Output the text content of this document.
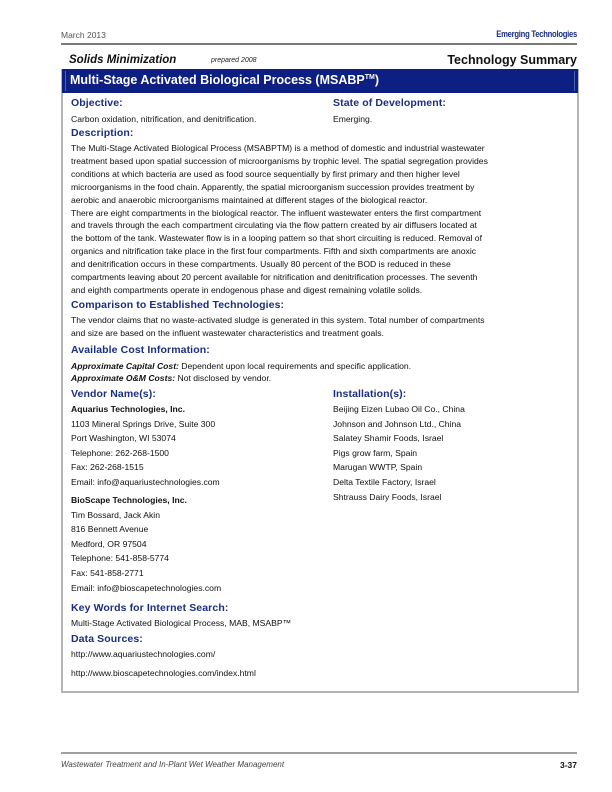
March 2013	Emerging Technologies
Solids Minimization	prepared 2008	Technology Summary
Multi-Stage Activated Biological Process (MSABP™)
Objective:
Carbon oxidation, nitrification, and denitrification.
State of Development:
Emerging.
Description:
The Multi-Stage Activated Biological Process (MSABPTM) is a method of domestic and industrial wastewater
treatment based upon spatial succession of microorganisms by trophic level. The spatial segregation provides
conditions at which bacteria are used as food source sequentially by first primary and then higher level
microorganisms in the food chain. Apparently, the spatial microorganism succession provides treatment by
aerobic and anaerobic microorganisms maintained at different stages of the biological reactor.
There are eight compartments in the biological reactor. The influent wastewater enters the first compartment
and travels through the each compartment circulating via the flow pattern created by air diffusers located at
the bottom of the tank. Wastewater flow is in a looping pattern so that short circuiting is reduced. Removal of
organics and nitrification take place in the first four compartments. Fifth and sixth compartments are anoxic
and denitrification occurs in these compartments. Usually 80 percent of the BOD is reduced in these
compartments leaving about 20 percent available for nitrification and denitrification processes. The seventh
and eighth compartments operate in endogenous phase and digest remaining volatile solids.
Comparison to Established Technologies:
The vendor claims that no waste-activated sludge is generated in this system. Total number of compartments
and size are based on the influent wastewater characteristics and treatment goals.
Available Cost Information:
Approximate Capital Cost: Dependent upon local requirements and specific application.
Approximate O&M Costs: Not disclosed by vendor.
Vendor Name(s):
Aquarius Technologies, Inc.
1103 Mineral Springs Drive, Suite 300
Port Washington, WI 53074
Telephone: 262-268-1500
Fax: 262-268-1515
Email: info@aquariustechnologies.com
BioScape Technologies, Inc.
Tim Bossard, Jack Akin
816 Bennett Avenue
Medford, OR 97504
Telephone: 541-858-5774
Fax: 541-858-2771
Email: info@bioscapetechnologies.com
Installation(s):
Beijing Eizen Lubao Oil Co., China
Johnson and Johnson Ltd., China
Salatey Shamir Foods, Israel
Pigs grow farm, Spain
Marugan WWTP, Spain
Delta Textile Factory, Israel
Shtrauss Dairy Foods, Israel
Key Words for Internet Search:
Multi-Stage Activated Biological Process, MAB, MSABP™
Data Sources:
http://www.aquariustechnologies.com/
http://www.bioscapetechnologies.com/index.html
Wastewater Treatment and In-Plant Wet Weather Management	3-37
